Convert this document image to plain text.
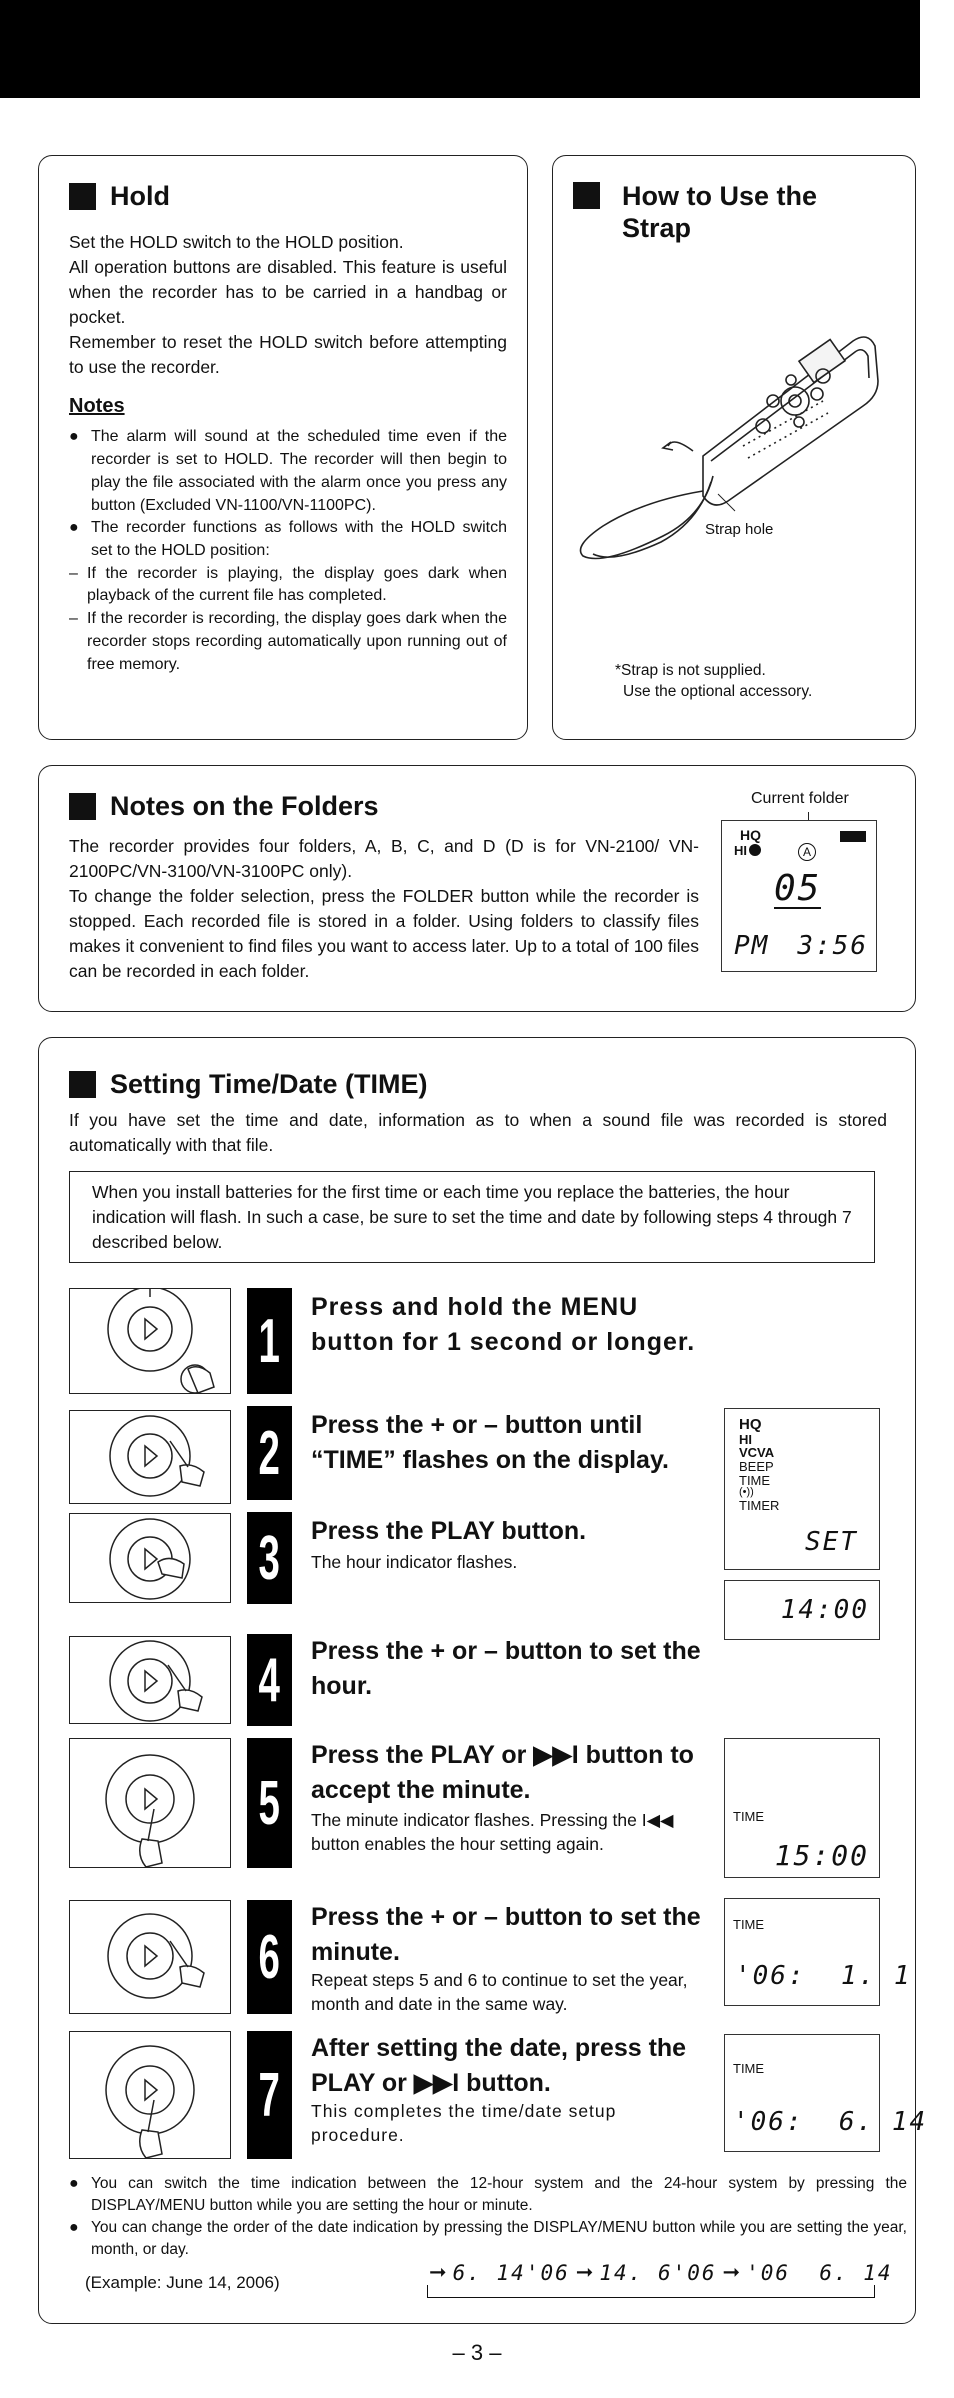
Hold

Set the HOLD switch to the HOLD position.

All operation buttons are disabled. This feature is useful when the recorder has to be carried in a handbag or pocket.

Remember to reset the HOLD switch before attempting to use the recorder.

Notes
● The alarm will sound at the scheduled time even if the recorder is set to HOLD. The recorder will then begin to play the file associated with the alarm once you press any button (Excluded VN-1100/VN-1100PC).
● The recorder functions as follows with the HOLD switch set to the HOLD position:
– If the recorder is playing, the display goes dark when playback of the current file has completed.
– If the recorder is recording, the display goes dark when the recorder stops recording automatically upon running out of free memory.
How to Use the
Strap
Strap hole
*Strap is not supplied.
Use the optional accessory.
Notes on the Folders

The recorder provides four folders, A, B, C, and D (D is for VN-2100/ VN-2100PC/VN-3100/VN-3100PC only).

To change the folder selection, press the FOLDER button while the recorder is stopped. Each recorded file is stored in a folder. Using folders to classify files makes it convenient to find files you want to access later. Up to a total of 100 files can be recorded in each folder.

Current folder
HQ
HI	A
05
PM 3:56
Setting Time/Date (TIME)
If you have set the time and date, information as to when a sound file was recorded is stored automatically with that file.
When you install batteries for the first time or each time you replace the batteries, the hour indication will flash. In such a case, be sure to set the time and date by following steps 4 through 7 described below.
1
2
3
4
5
6
7
Press and hold the MENU button for 1 second or longer.
Press the + or – button until “TIME” flashes on the display.
Press the PLAY button.
The hour indicator flashes.
Press the + or – button to set the hour.
Press the PLAY or ▶▶I button to accept the minute.
The minute indicator flashes. Pressing the I◀◀ button enables the hour setting again.
Press the + or – button to set the minute.
Repeat steps 5 and 6 to continue to set the year, month and date in the same way.
After setting the date, press the PLAY or ▶▶I button.
This completes the time/date setup procedure.
HQ
HI
VCVA
BEEP
TIME
(•))
TIMER
SET
14:00
TIME
15:00
TIME
'06:  1. 1
TIME
'06:  6. 14
● You can switch the time indication between the 12-hour system and the 24-hour system by pressing the DISPLAY/MENU button while you are setting the hour or minute.
● You can change the order of the date indication by pressing the DISPLAY/MENU button while you are setting the year, month, or day.
(Example: June 14, 2006)	➞ 6. 14'06 ➞ 14. 6'06 ➞ '06  6. 14
– 3 –
